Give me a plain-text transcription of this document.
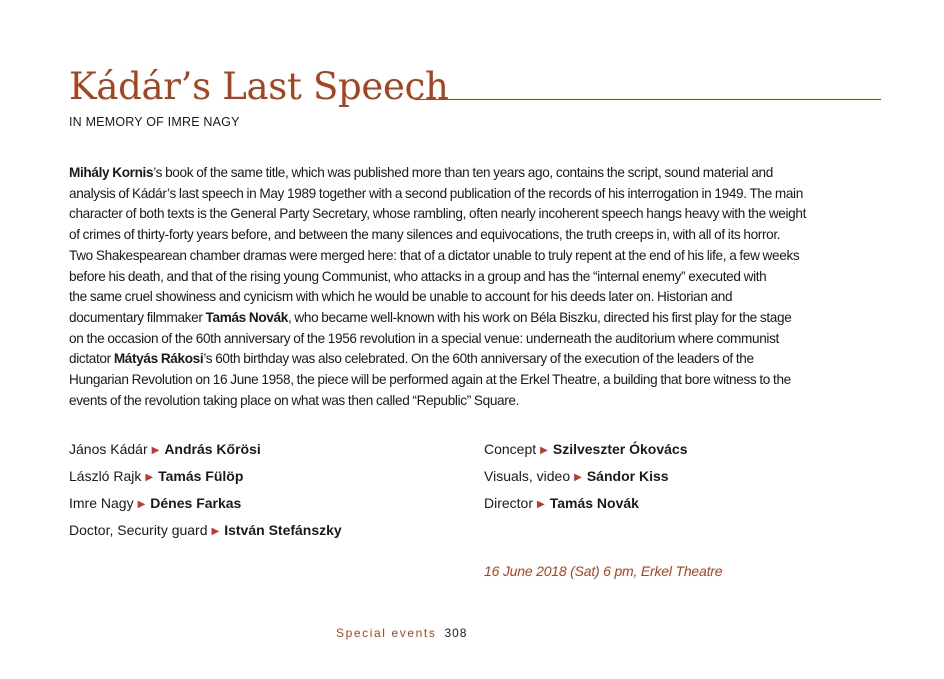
Kádár’s Last Speech
IN MEMORY OF IMRE NAGY
Mihály Kornis’s book of the same title, which was published more than ten years ago, contains the script, sound material and
analysis of Kádár’s last speech in May 1989 together with a second publication of the records of his interrogation in 1949. The main
character of both texts is the General Party Secretary, whose rambling, often nearly incoherent speech hangs heavy with the weight
of crimes of thirty-forty years before, and between the many silences and equivocations, the truth creeps in, with all of its horror.
Two Shakespearean chamber dramas were merged here: that of a dictator unable to truly repent at the end of his life, a few weeks
before his death, and that of the rising young Communist, who attacks in a group and has the “internal enemy” executed with
the same cruel showiness and cynicism with which he would be unable to account for his deeds later on. Historian and
documentary filmmaker Tamás Novák, who became well-known with his work on Béla Biszku, directed his first play for the stage
on the occasion of the 60th anniversary of the 1956 revolution in a special venue: underneath the auditorium where communist
dictator Mátyás Rákosi’s 60th birthday was also celebrated. On the 60th anniversary of the execution of the leaders of the
Hungarian Revolution on 16 June 1958, the piece will be performed again at the Erkel Theatre, a building that bore witness to the
events of the revolution taking place on what was then called “Republic” Square.
János Kádár ▶ András Kőrösi
László Rajk ▶ Tamás Fülöp
Imre Nagy ▶ Dénes Farkas
Doctor, Security guard ▶ István Stefánszky
Concept ▶ Szilveszter Ókovács
Visuals, video ▶ Sándor Kiss
Director ▶ Tamás Novák
16 June 2018 (Sat) 6 pm, Erkel Theatre
Special events 308
